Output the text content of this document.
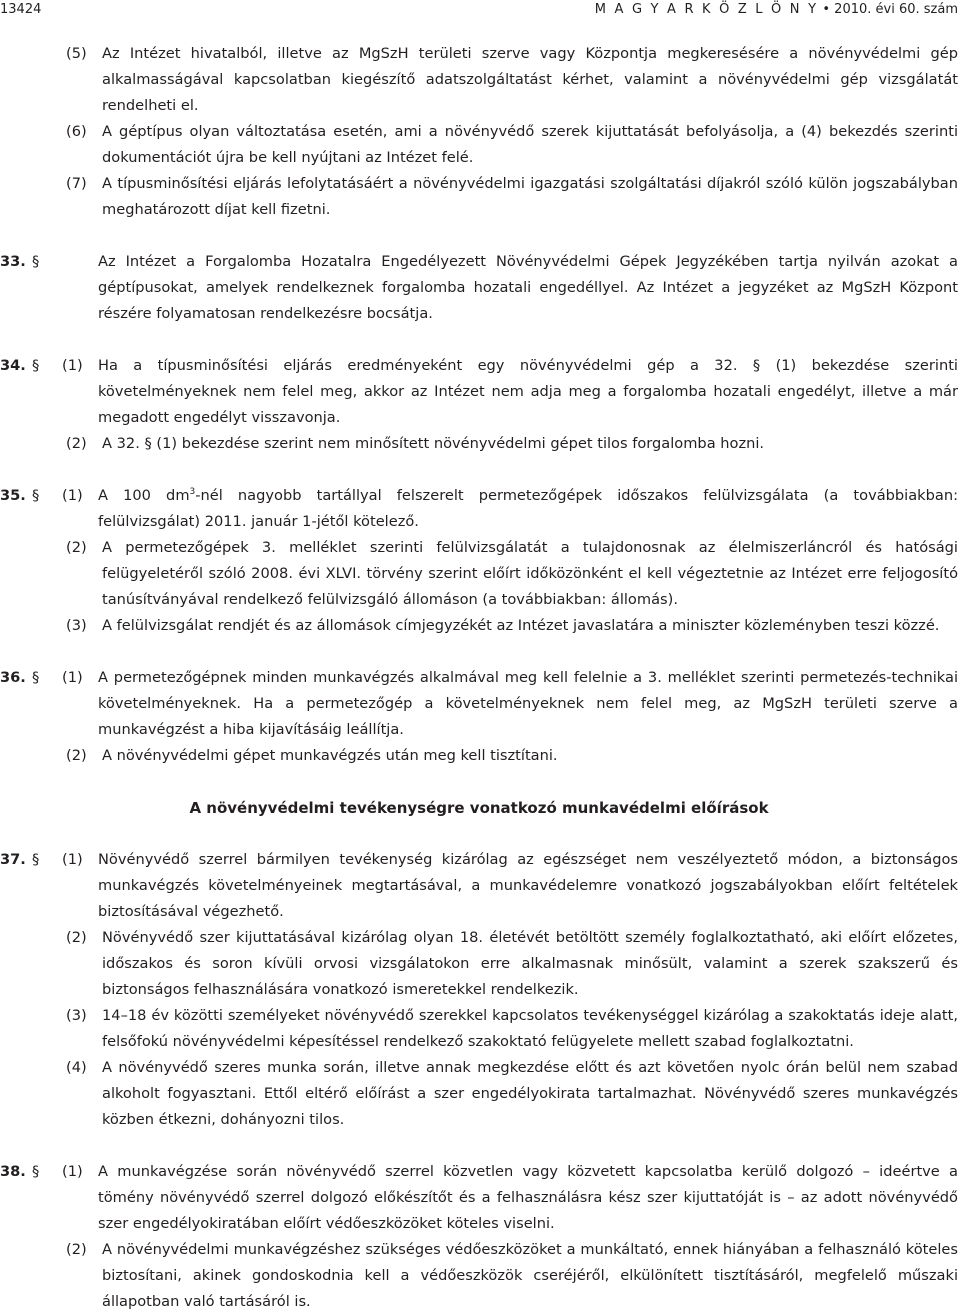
13424	M A G Y A R K Ö Z L Ö N Y • 2010. évi 60. szám
(5)	Az Intézet hivatalból, illetve az MgSzH területi szerve vagy Központja megkeresésére a növényvédelmi gép alkalmasságával kapcsolatban kiegészítő adatszolgáltatást kérhet, valamint a növényvédelmi gép vizsgálatát rendelheti el.
(6)	A géptípus olyan változtatása esetén, ami a növényvédő szerek kijuttatását befolyásolja, a (4) bekezdés szerinti dokumentációt újra be kell nyújtani az Intézet felé.
(7)	A típusminősítési eljárás lefolytatásáért a növényvédelmi igazgatási szolgáltatási díjakról szóló külön jogszabályban meghatározott díjat kell fizetni.
33. §	Az Intézet a Forgalomba Hozatalra Engedélyezett Növényvédelmi Gépek Jegyzékében tartja nyilván azokat a géptípusokat, amelyek rendelkeznek forgalomba hozatali engedéllyel. Az Intézet a jegyzéket az MgSzH Központ részére folyamatosan rendelkezésre bocsátja.
34. §	(1)	Ha a típusminősítési eljárás eredményeként egy növényvédelmi gép a 32. § (1) bekezdése szerinti követelményeknek nem felel meg, akkor az Intézet nem adja meg a forgalomba hozatali engedélyt, illetve a már megadott engedélyt visszavonja.
(2)	A 32. § (1) bekezdése szerint nem minősített növényvédelmi gépet tilos forgalomba hozni.
35. §	(1)	A 100 $dm^3$-nél nagyobb tartállyal felszerelt permetezőgépek időszakos felülvizsgálata (a továbbiakban: felülvizsgálat) 2011. január 1-jétől kötelező.
(2)	A permetezőgépek 3. melléklet szerinti felülvizsgálatát a tulajdonosnak az élelmiszerláncról és hatósági felügyeletéről szóló 2008. évi XLVI. törvény szerint előírt időközönként el kell végeztetnie az Intézet erre feljogosító tanúsítványával rendelkező felülvizsgáló állomáson (a továbbiakban: állomás).
(3)	A felülvizsgálat rendjét és az állomások címjegyzékét az Intézet javaslatára a miniszter közleményben teszi közzé.
36. §	(1)	A permetezőgépnek minden munkavégzés alkalmával meg kell felelnie a 3. melléklet szerinti permetezés-technikai követelményeknek. Ha a permetezőgép a követelményeknek nem felel meg, az MgSzH területi szerve a munkavégzést a hiba kijavításáig leállítja.
(2)	A növényvédelmi gépet munkavégzés után meg kell tisztítani.
A növényvédelmi tevékenységre vonatkozó munkavédelmi előírások
37. §	(1)	Növényvédő szerrel bármilyen tevékenység kizárólag az egészséget nem veszélyeztető módon, a biztonságos munkavégzés követelményeinek megtartásával, a munkavédelemre vonatkozó jogszabályokban előírt feltételek biztosításával végezhető.
(2)	Növényvédő szer kijuttatásával kizárólag olyan 18. életévét betöltött személy foglalkoztatható, aki előírt előzetes, időszakos és soron kívüli orvosi vizsgálatokon erre alkalmasnak minősült, valamint a szerek szakszerű és biztonságos felhasználására vonatkozó ismeretekkel rendelkezik.
(3)	14–18 év közötti személyeket növényvédő szerekkel kapcsolatos tevékenységgel kizárólag a szakoktatás ideje alatt, felsőfokú növényvédelmi képesítéssel rendelkező szakoktató felügyelete mellett szabad foglalkoztatni.
(4)	A növényvédő szeres munka során, illetve annak megkezdése előtt és azt követően nyolc órán belül nem szabad alkoholt fogyasztani. Ettől eltérő előírást a szer engedélyokirata tartalmazhat. Növényvédő szeres munkavégzés közben étkezni, dohányozni tilos.
38. §	(1)	A munkavégzése során növényvédő szerrel közvetlen vagy közvetett kapcsolatba kerülő dolgozó – ideértve a tömény növényvédő szerrel dolgozó előkészítőt és a felhasználásra kész szer kijuttatóját is – az adott növényvédő szer engedélyokiratában előírt védőeszközöket köteles viselni.
(2)	A növényvédelmi munkavégzéshez szükséges védőeszközöket a munkáltató, ennek hiányában a felhasználó köteles biztosítani, akinek gondoskodnia kell a védőeszközök cseréjéről, elkülönített tisztításáról, megfelelő műszaki állapotban való tartásáról is.
